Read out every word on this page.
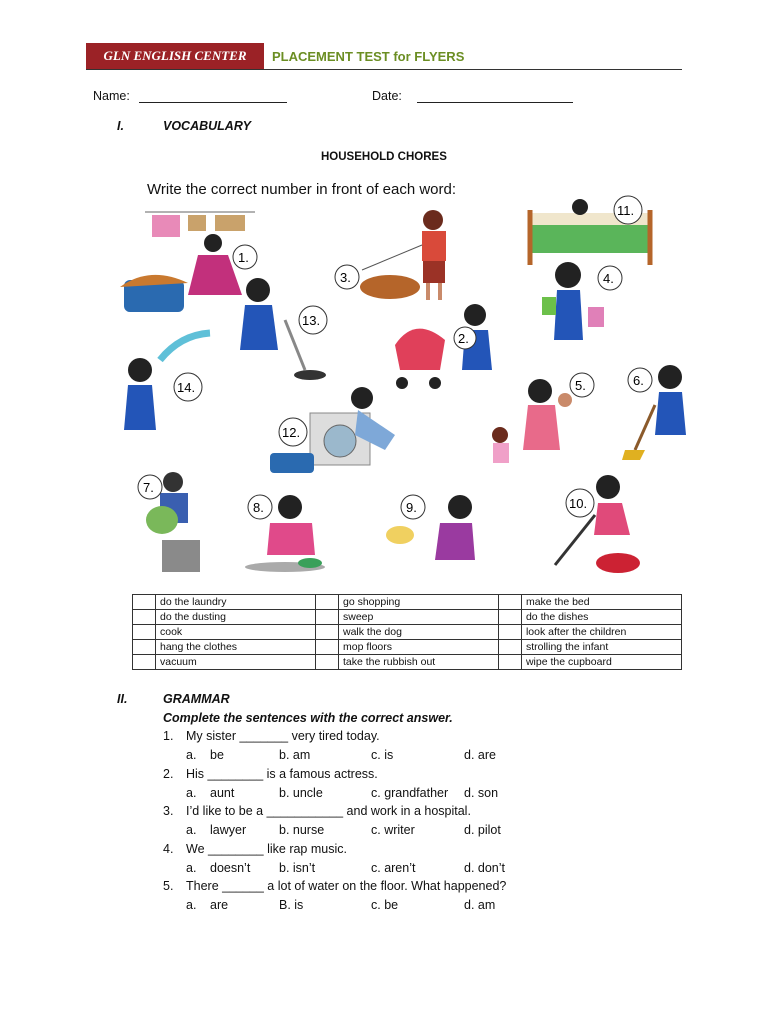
GLN ENGLISH CENTER	PLACEMENT TEST for FLYERS
Name:	Date:
I.	VOCABULARY
HOUSEHOLD CHORES
Write the correct number in front of each word:
1.
2.
3.	4.
5.	6.
7.
8.	9.	10.
11.
12.
13.
14.
	do the laundry		go shopping		make the bed
	do the dusting		sweep		do the dishes
	cook		walk the dog		look after the children
	hang the clothes		mop floors		strolling the infant
	vacuum		take the rubbish out		wipe the cupboard
II.	GRAMMAR
Complete the sentences with the correct answer.
1. My sister _______ very tired today.
a. be	b. am	c. is	d. are
2. His ________ is a famous actress.
a. aunt	b. uncle	c. grandfather d. son
3. I’d like to be a ___________ and work in a hospital.
a. lawyer	b. nurse	c. writer	d. pilot
4. We ________ like rap music.
a. doesn’t b. isn’t	c. aren’t	d. don’t
5. There ______ a lot of water on the floor. What happened?
a. are	B. is	c. be	d. am
